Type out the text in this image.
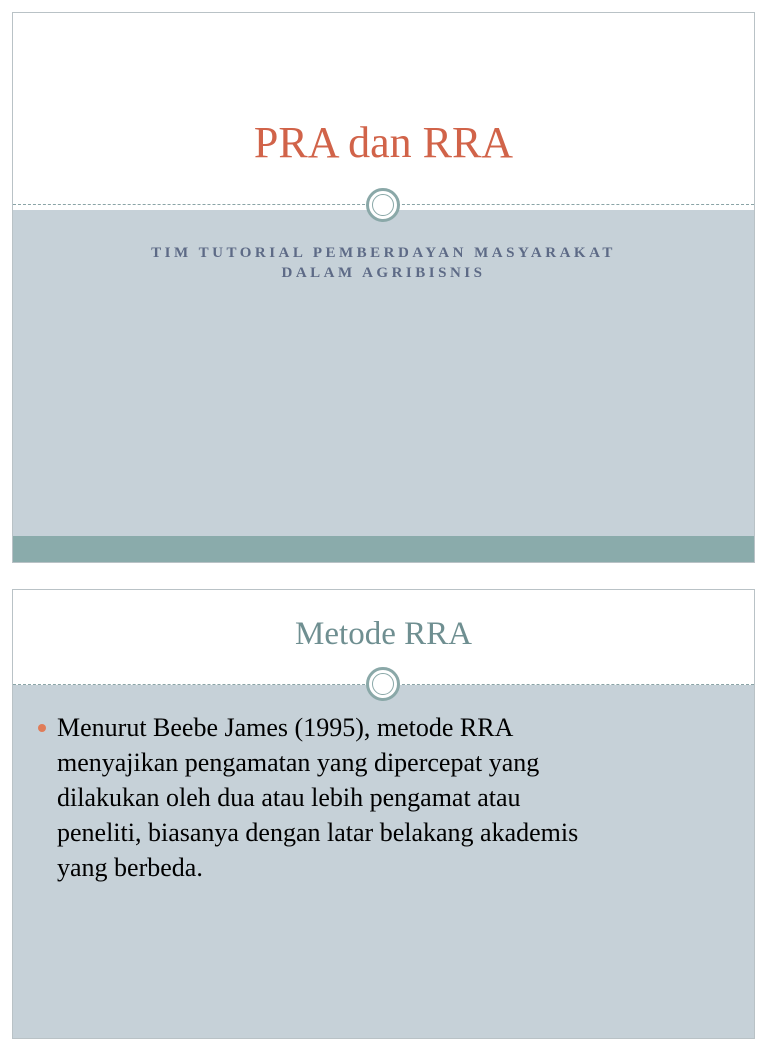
PRA dan RRA
TIM TUTORIAL PEMBERDAYAN MASYARAKAT
DALAM AGRIBISNIS
Metode RRA
Menurut Beebe James (1995), metode RRA
menyajikan pengamatan yang dipercepat yang
dilakukan oleh dua atau lebih pengamat atau
peneliti, biasanya dengan latar belakang akademis
yang berbeda.
